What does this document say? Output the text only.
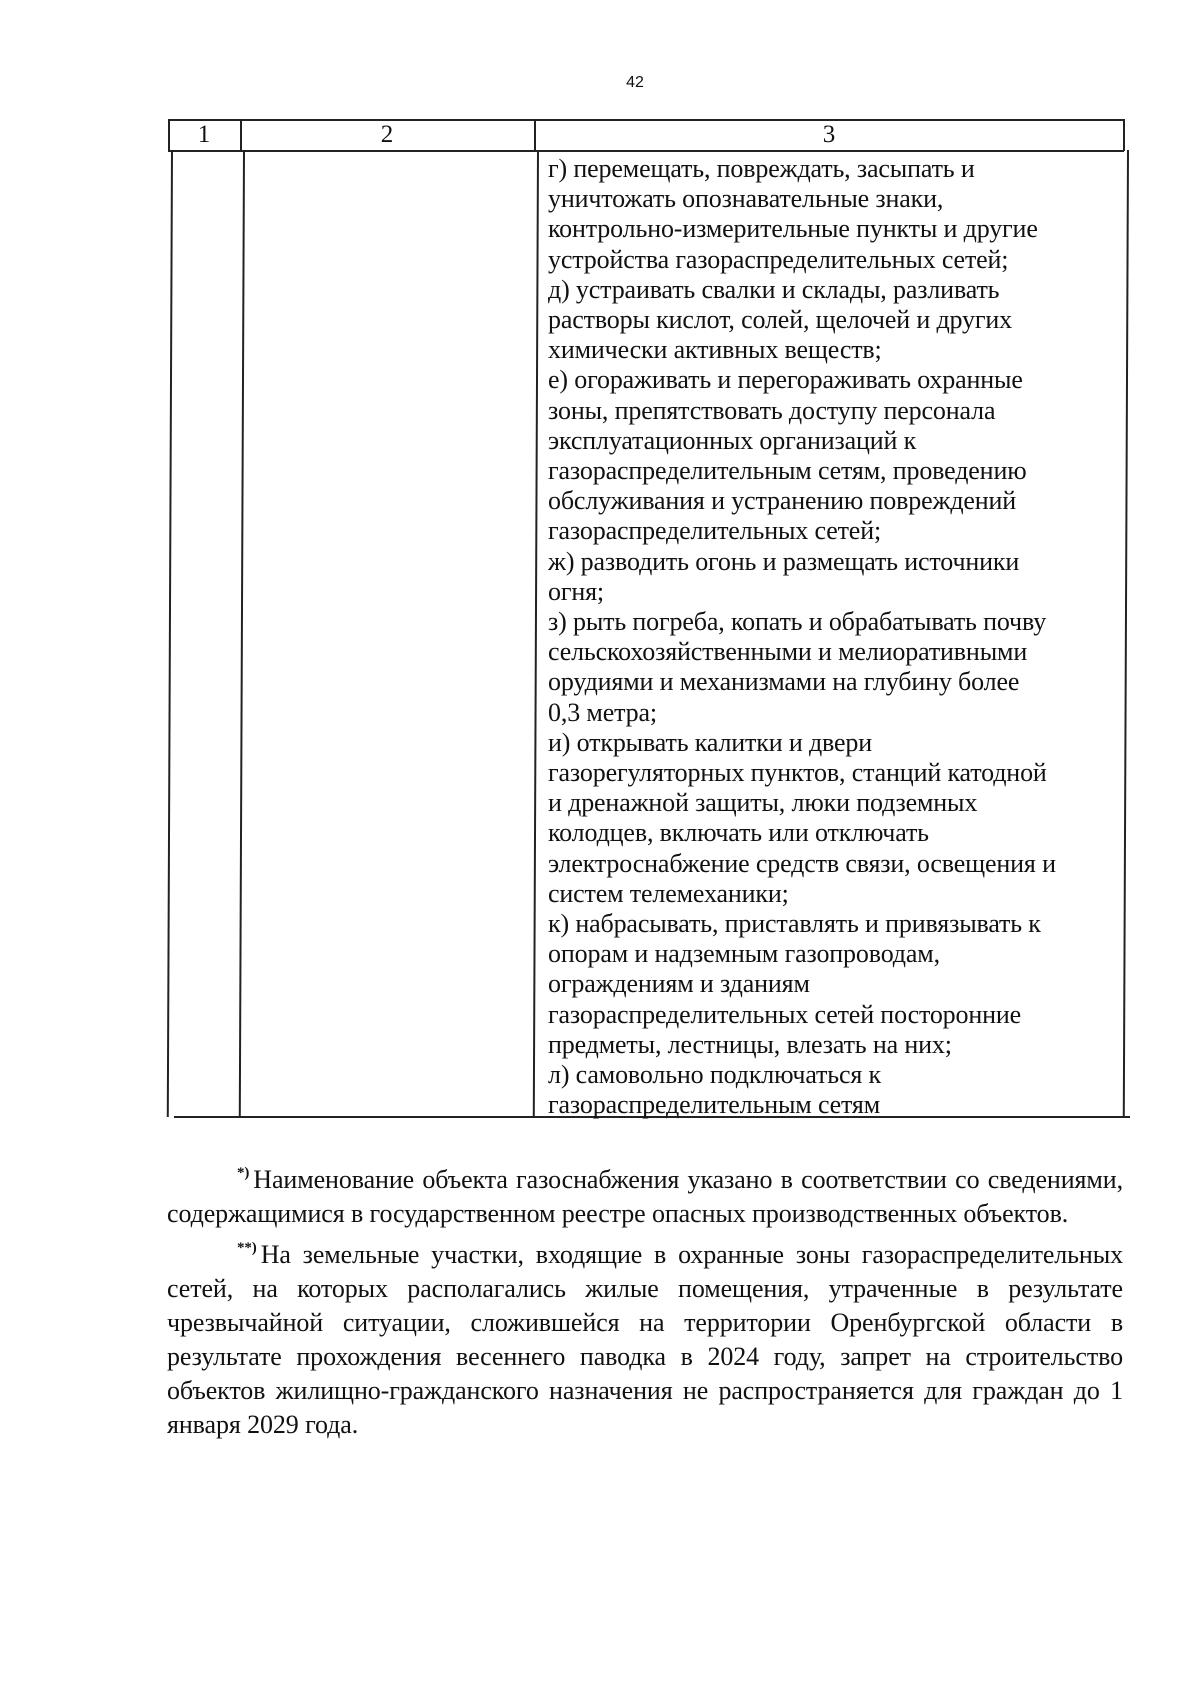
42
1	2	3
г) перемещать, повреждать, засыпать и
уничтожать опознавательные знаки,
контрольно-измерительные пункты и другие
устройства газораспределительных сетей;
д) устраивать свалки и склады, разливать
растворы кислот, солей, щелочей и других
химически активных веществ;
е) огораживать и перегораживать охранные
зоны, препятствовать доступу персонала
эксплуатационных организаций к
газораспределительным сетям, проведению
обслуживания и устранению повреждений
газораспределительных сетей;
ж) разводить огонь и размещать источники
огня;
з) рыть погреба, копать и обрабатывать почву
сельскохозяйственными и мелиоративными
орудиями и механизмами на глубину более
0,3 метра;
и) открывать калитки и двери
газорегуляторных пунктов, станций катодной
и дренажной защиты, люки подземных
колодцев, включать или отключать
электроснабжение средств связи, освещения и
систем телемеханики;
к) набрасывать, приставлять и привязывать к
опорам и надземным газопроводам,
ограждениям и зданиям
газораспределительных сетей посторонние
предметы, лестницы, влезать на них;
л) самовольно подключаться к
газораспределительным сетям

*) Наименование объекта газоснабжения указано в соответствии со сведениями, содержащимися в государственном реестре опасных производственных объектов.

**) На земельные участки, входящие в охранные зоны газораспределительных сетей, на которых располагались жилые помещения, утраченные в результате чрезвычайной ситуации, сложившейся на территории Оренбургской области в результате прохождения весеннего паводка в 2024 году, запрет на строительство объектов жилищно-гражданского назначения не распространяется для граждан до 1 января 2029 года.
